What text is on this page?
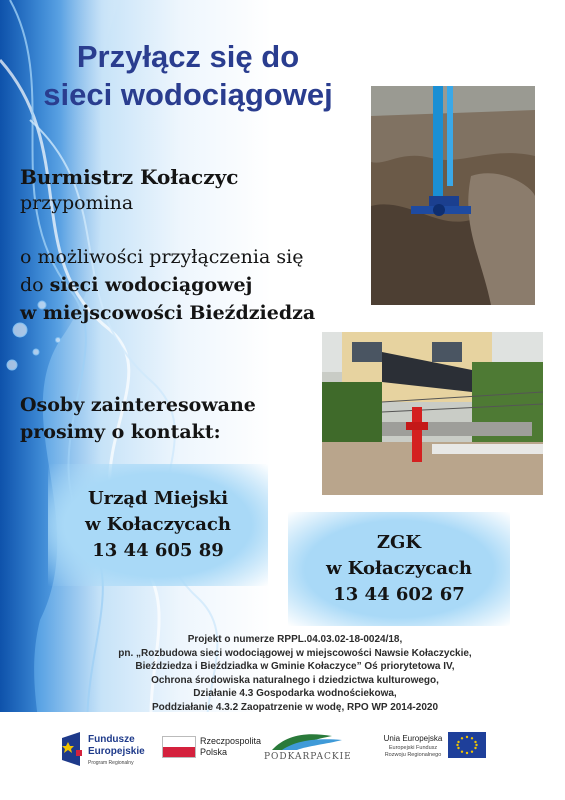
Przyłącz się do
sieci wodociągowej
Burmistrz Kołaczyc
przypomina
o możliwości przyłączenia się
do sieci wodociągowej
w miejscowości Bieździedza
Osoby zainteresowane
prosimy o kontakt:
Urząd Miejski
w Kołaczycach
13 44 605 89	ZGK
w Kołaczycach
13 44 602 67
Projekt o numerze RPPL.04.03.02-18-0024/18,
pn. „Rozbudowa sieci wodociągowej w miejscowości Nawsie Kołaczyckie,
Bieździedza i Bieździadka w Gminie Kołaczyce” Oś priorytetowa IV,
Ochrona środowiska naturalnego i dziedzictwa kulturowego,
Działanie 4.3 Gospodarka wodnościekowa,
Poddziałanie 4.3.2 Zaopatrzenie w wodę, RPO WP 2014-2020
Fundusze
Europejskie
Program Regionalny
Rzeczpospolita
Polska	PODKARPACKIE
Unia Europejska
Europejski Fundusz
Rozwoju Regionalnego
